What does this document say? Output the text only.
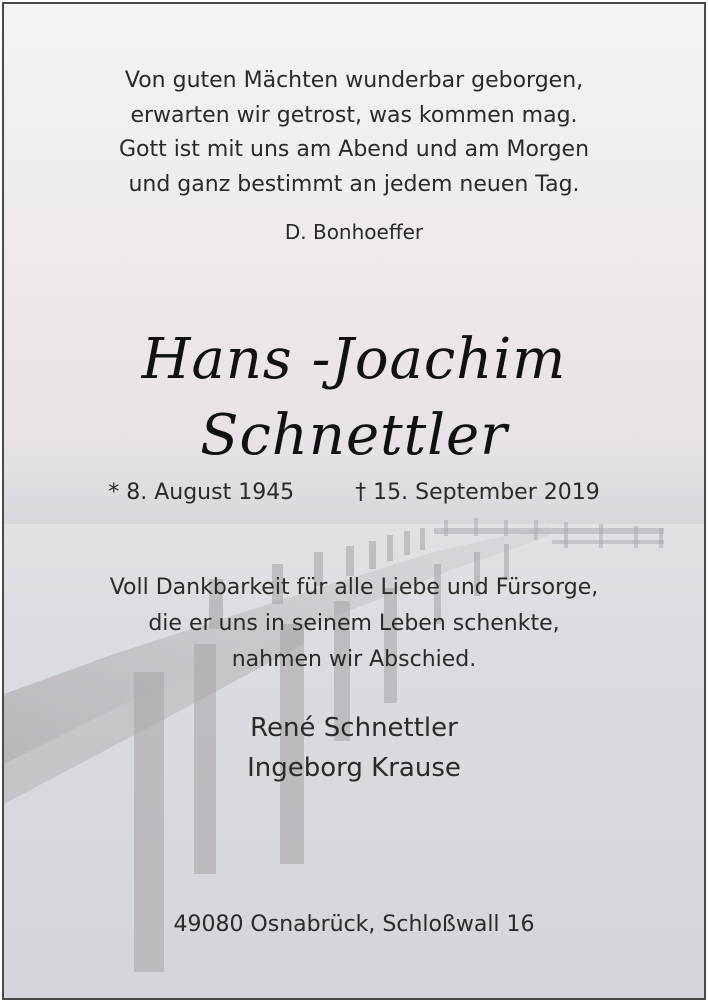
Von guten Mächten wunderbar geborgen,
erwarten wir getrost, was kommen mag.
Gott ist mit uns am Abend und am Morgen
und ganz bestimmt an jedem neuen Tag.
D. Bonhoeffer
Hans -Joachim
Schnettler
* 8. August 1945	† 15. September 2019
Voll Dankbarkeit für alle Liebe und Fürsorge,
die er uns in seinem Leben schenkte,
nahmen wir Abschied.
René Schnettler
Ingeborg Krause
49080 Osnabrück, Schloßwall 16
